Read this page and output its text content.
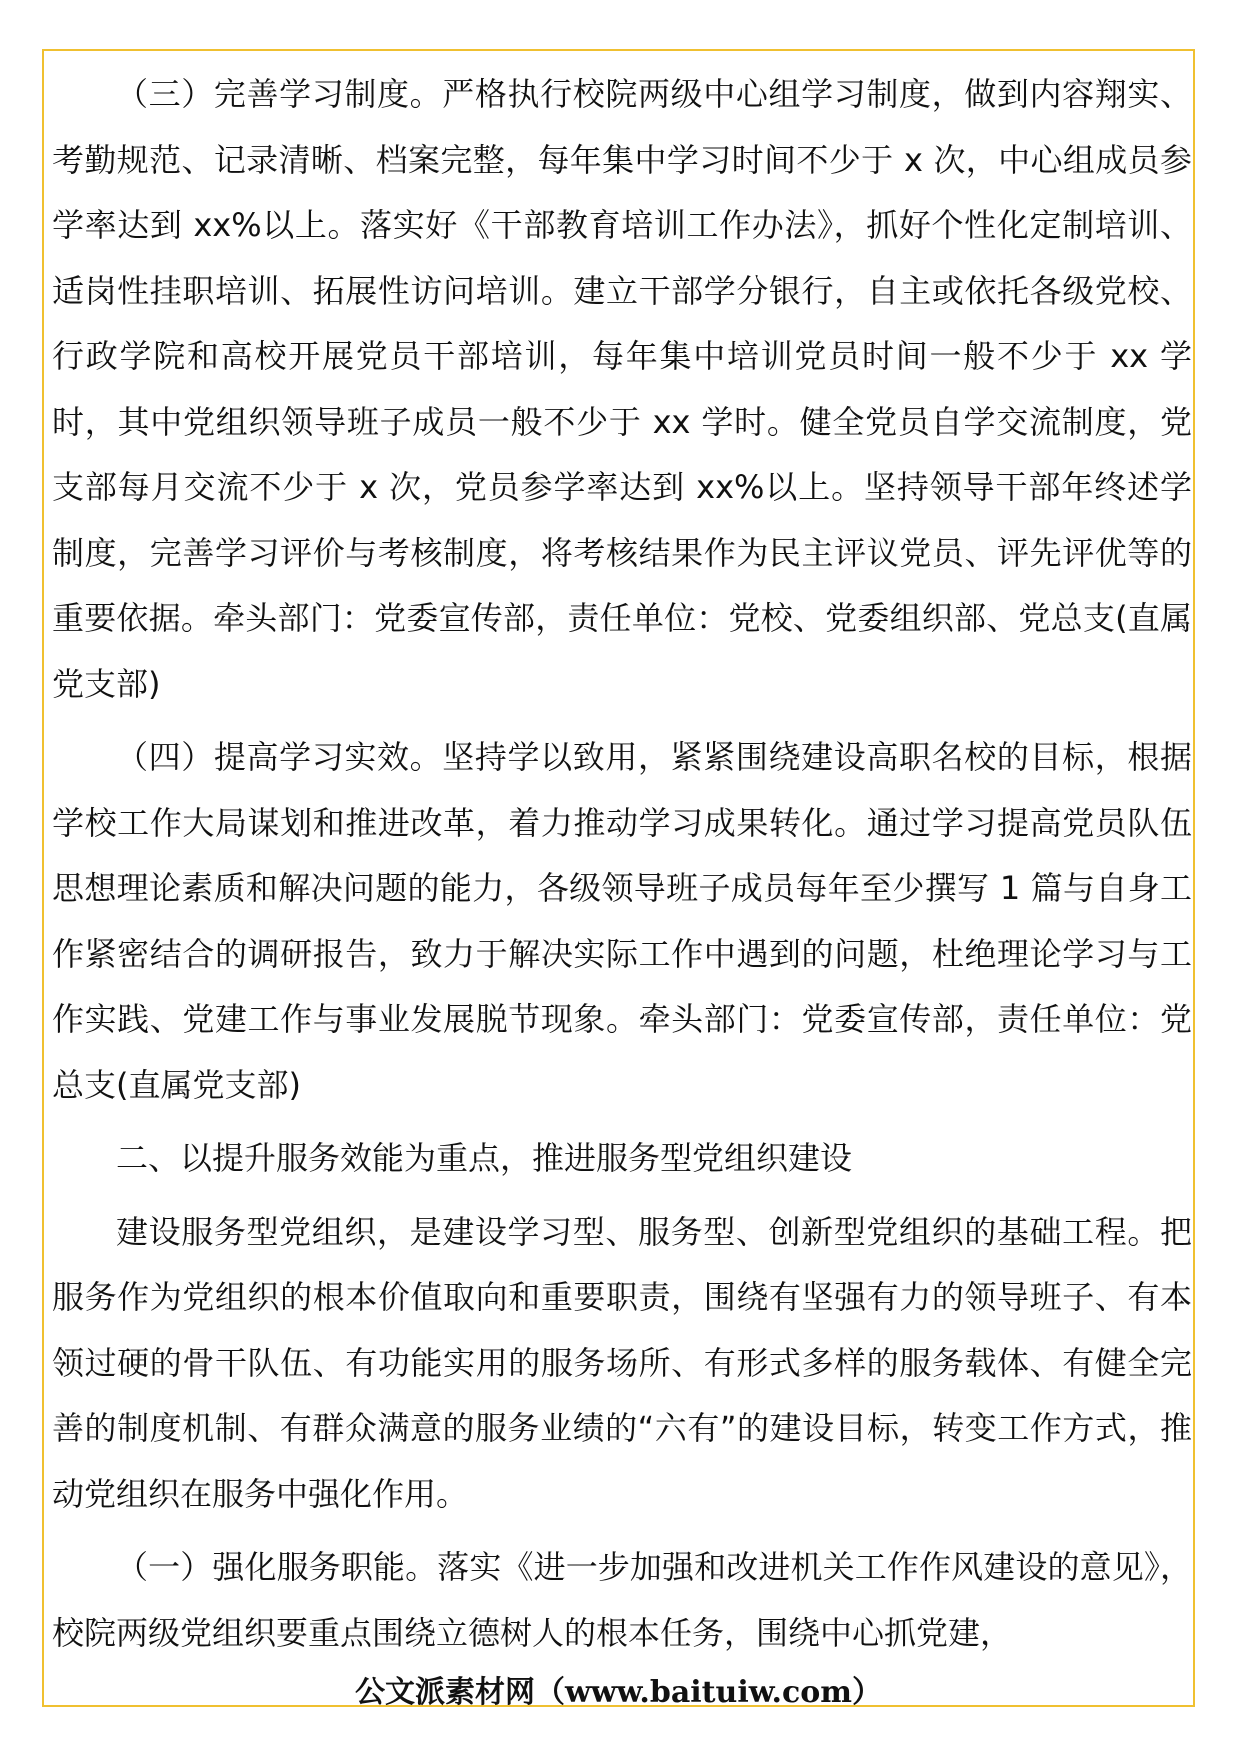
（三）完善学习制度。严格执行校院两级中心组学习制度，做到内容翔实、考勤规范、记录清晰、档案完整，每年集中学习时间不少于 x 次，中心组成员参学率达到 xx%以上。落实好《干部教育培训工作办法》，抓好个性化定制培训、适岗性挂职培训、拓展性访问培训。建立干部学分银行，自主或依托各级党校、行政学院和高校开展党员干部培训，每年集中培训党员时间一般不少于 xx 学时，其中党组织领导班子成员一般不少于 xx 学时。健全党员自学交流制度，党支部每月交流不少于 x 次，党员参学率达到 xx%以上。坚持领导干部年终述学制度，完善学习评价与考核制度，将考核结果作为民主评议党员、评先评优等的重要依据。牵头部门：党委宣传部，责任单位：党校、党委组织部、党总支(直属党支部)

（四）提高学习实效。坚持学以致用，紧紧围绕建设高职名校的目标，根据学校工作大局谋划和推进改革，着力推动学习成果转化。通过学习提高党员队伍思想理论素质和解决问题的能力，各级领导班子成员每年至少撰写 1 篇与自身工作紧密结合的调研报告，致力于解决实际工作中遇到的问题，杜绝理论学习与工作实践、党建工作与事业发展脱节现象。牵头部门：党委宣传部，责任单位：党总支(直属党支部)

二、以提升服务效能为重点，推进服务型党组织建设

建设服务型党组织，是建设学习型、服务型、创新型党组织的基础工程。把服务作为党组织的根本价值取向和重要职责，围绕有坚强有力的领导班子、有本领过硬的骨干队伍、有功能实用的服务场所、有形式多样的服务载体、有健全完善的制度机制、有群众满意的服务业绩的“六有”的建设目标，转变工作方式，推动党组织在服务中强化作用。

（一）强化服务职能。落实《进一步加强和改进机关工作作风建设的意见》，校院两级党组织要重点围绕立德树人的根本任务，围绕中心抓党建，

公文派素材网（www.baituiw.com）
